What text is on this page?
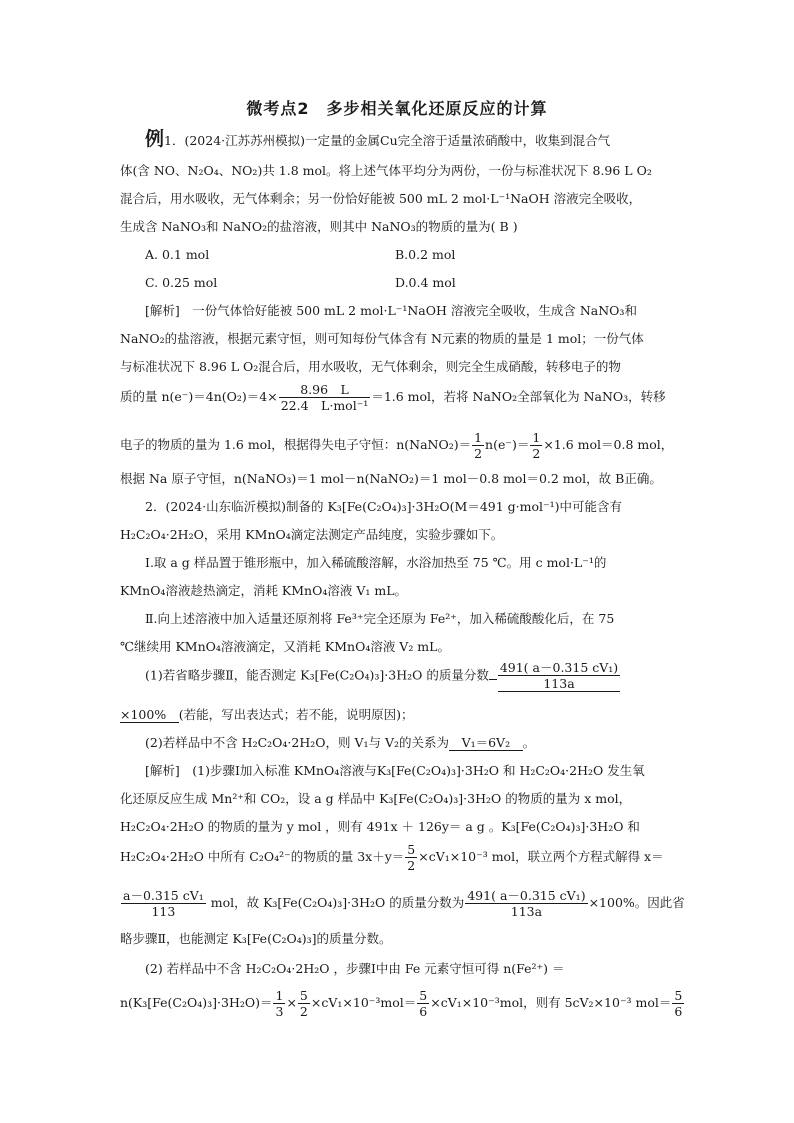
微考点2　多步相关氧化还原反应的计算
例1．(2024·江苏苏州模拟)一定量的金属Cu完全溶于适量浓硝酸中，收集到混合气
体(含 NO、N₂O₄、NO₂)共 1.8 mol。将上述气体平均分为两份，一份与标准状况下 8.96 L O₂
混合后，用水吸收，无气体剩余；另一份恰好能被 500 mL 2 mol·L⁻¹NaOH 溶液完全吸收，
生成含 NaNO₃和 NaNO₂的盐溶液，则其中 NaNO₃的物质的量为( B )
A. 0.1 mol	B.0.2 mol
C. 0.25 mol	D.0.4 mol
[解析]　一份气体恰好能被 500 mL 2 mol·L⁻¹NaOH 溶液完全吸收，生成含 NaNO₃和
NaNO₂的盐溶液，根据元素守恒，则可知每份气体含有 N元素的物质的量是 1 mol；一份气体
与标准状况下 8.96 L O₂混合后，用水吸收，无气体剩余，则完全生成硝酸，转移电子的物
质的量 $n(e^-)=4n(O_2)=4\times \frac{8.96 L}{\text{22.4　L·mol⁻¹}} =1.6$ mol，若将 NaNO₂全部氧化为 NaNO₃，转移
电子的物质的量为 1.6 mol，根据得失电子守恒：n(NaNO₂)＝ $\frac{1}{2} n(e^-)= \frac{1}{2} \times 1.6$ mol＝0.8 mol，
根据 Na 原子守恒，n(NaNO₃)＝1 mol－n(NaNO₂)＝1 mol－0.8 mol＝0.2 mol，故 B正确。
2．(2024·山东临沂模拟)制备的 K₃[Fe(C₂O₄)₃]·3H₂O(M＝491 g·mol⁻¹)中可能含有
H₂C₂O₄·2H₂O，采用 KMnO₄滴定法测定产品纯度，实验步骤如下。
Ⅰ.取 a g 样品置于锥形瓶中，加入稀硫酸溶解，水浴加热至 75 ℃。用 c mol·L⁻¹的
KMnO₄溶液趁热滴定，消耗 KMnO₄溶液 V₁ mL。
Ⅱ.向上述溶液中加入适量还原剂将 Fe³⁺完全还原为 Fe²⁺，加入稀硫酸酸化后，在 75
℃继续用 KMnO₄溶液滴定，又消耗 KMnO₄溶液 V₂ mL。
(1)若省略步骤Ⅱ，能否测定 K₃[Fe(C₂O₄)₃]·3H₂O 的质量分数 $\frac{\text{491( a－0.315 cV₁)}}{113a}$
×100%　 (若能，写出表达式；若不能，说明原因)；
(2)若样品中不含 H₂C₂O₄·2H₂O，则 V₁与 V₂的关系为　 V₁＝6V₂　 。
[解析]　(1)步骤Ⅰ加入标准 KMnO₄溶液与K₃[Fe(C₂O₄)₃]·3H₂O 和 H₂C₂O₄·2H₂O 发生氧
化还原反应生成 Mn²⁺和 CO₂，设 a g 样品中 K₃[Fe(C₂O₄)₃]·3H₂O 的物质的量为 x mol，
H₂C₂O₄·2H₂O 的物质的量为 y mol ，则有 491x ＋ 126y＝ a g 。K₃[Fe(C₂O₄)₃]·3H₂O 和
H₂C₂O₄·2H₂O 中所有 C₂O₄²⁻的物质的量 $3x+y= \frac{5}{2} \times cV_1\times 10^{-3}$ mol，联立两个方程式解得 x＝
$\frac{\text{a－0.315 cV₁}}{113}$ mol，故 K₃[Fe(C₂O₄)₃]·3H₂O 的质量分数为 $\frac{\text{491( a－0.315 cV₁)}}{113a} \times 100\%$。因此省
略步骤Ⅱ，也能测定 K₃[Fe(C₂O₄)₃]的质量分数。
(2) 若样品中不含 H₂C₂O₄·2H₂O ，步骤Ⅰ中由 Fe 元素守恒可得 n(Fe²⁺) ＝
$n(K_3[Fe(C_2O_4)_3]\cdot 3H_2O)= \frac{1}{3} \times \frac{5}{2} \times cV_1\times 10^{-3}mol= \frac{5}{6} \times cV_1\times 10^{-3}mol$，则有 5cV₂×10⁻³ $mol= \frac{5}{6}$
